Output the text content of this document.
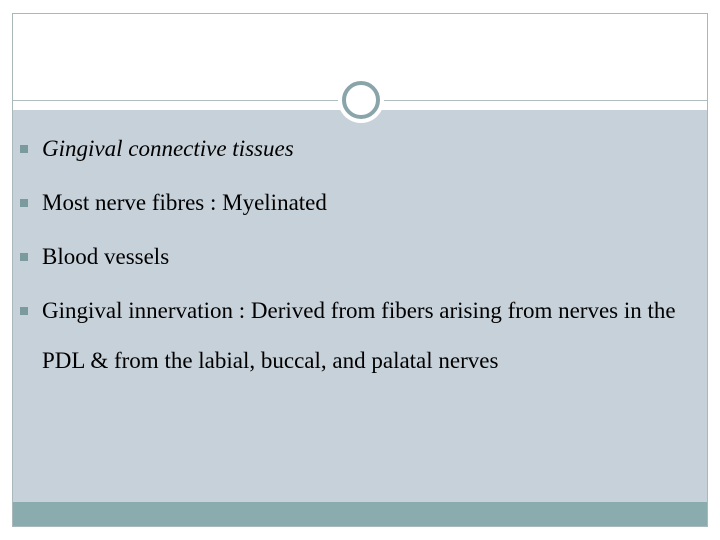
Gingival connective tissues
Most nerve fibres : Myelinated
Blood vessels
Gingival innervation : Derived from fibers arising from nerves in the PDL & from the labial, buccal, and palatal nerves
